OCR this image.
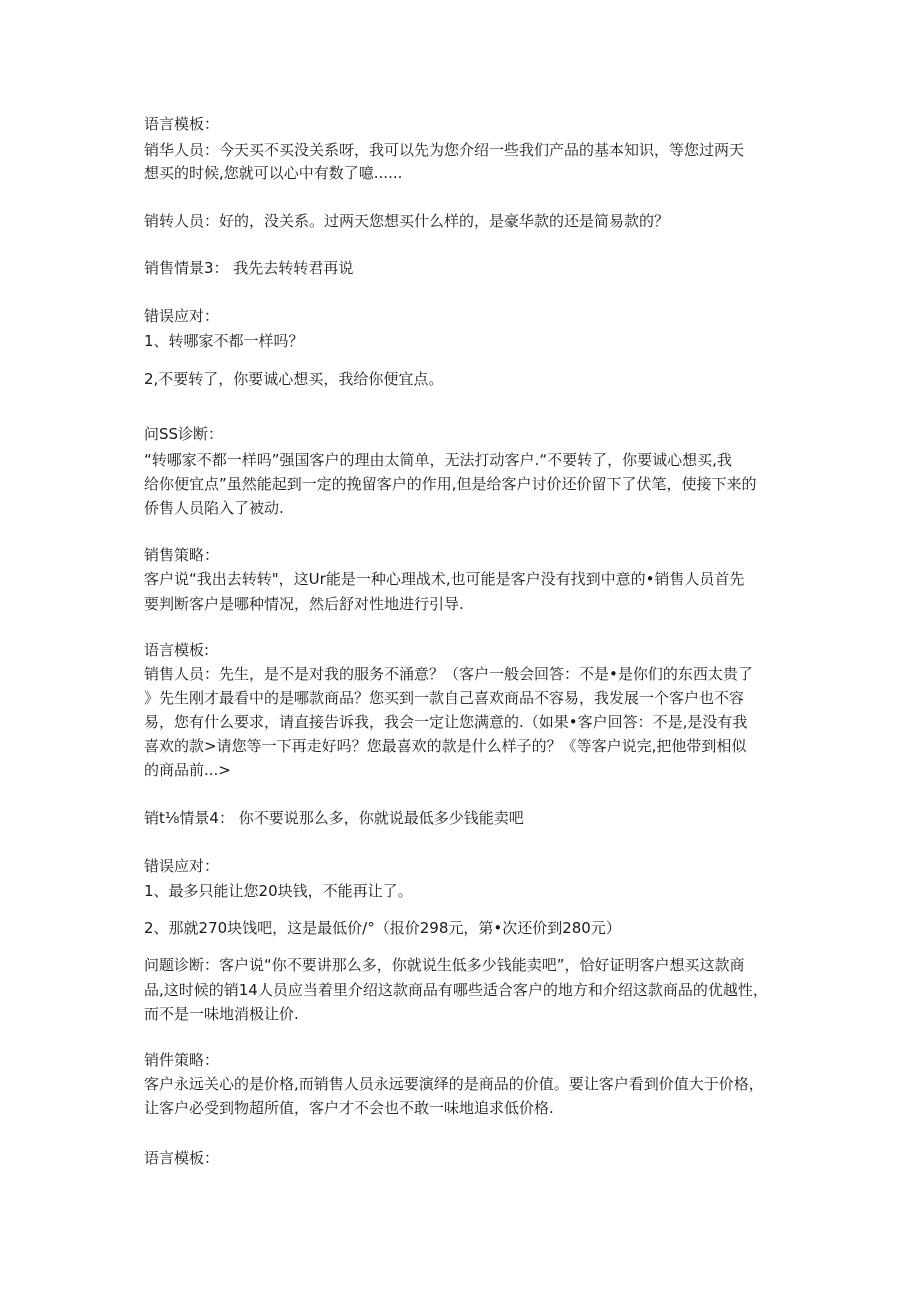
语言模板：
销华人员：今天买不买没关系呀，我可以先为您介绍一些我们产品的基本知识，等您过两天
想买的时候,您就可以心中有数了噫......
销转人员：好的，没关系。过两天您想买什么样的，是豪华款的还是简易款的？
销售情景3： 我先去转转君再说
错误应对：
1、转哪家不都一样吗？
2,不要转了，你要诚心想买，我给你便宜点。
问SS诊断：
“转哪家不都一样吗”强国客户的理由太简单，无法打动客户.“不要转了，你要诚心想买,我
给你便宜点”虽然能起到一定的挽留客户的作用,但是给客户讨价还价留下了伏笔，使接下来的
侨售人员陷入了被动.
销售策略：
客户说“我出去转转"，这Ur能是一种心理战术,也可能是客户没有找到中意的•销售人员首先
要判断客户是哪种情况，然后舒对性地进行引导.
语言模板:
销售人员：先生，是不是对我的服务不涌意？（客户一般会回答：不是•是你们的东西太贵了
》先生刚才最看中的是哪款商品？您买到一款自己喜欢商品不容易，我发展一个客户也不容
易，您有什么要求，请直接告诉我，我会一定让您满意的.（如果•客户回答：不是,是没有我
喜欢的款>请您等一下再走好吗？您最喜欢的款是什么样子的？《等客户说完,把他带到相似
的商品前...>
销t⅛情景4： 你不要说那么多，你就说最低多少钱能卖吧
错误应对：
1、最多只能让您20块钱，不能再让了。
2、那就270块饯吧，这是最低价/°（报价298元，第•次还价到280元）
问题诊断：客户说“你不要讲那么多，你就说生低多少钱能卖吧”，恰好证明客户想买这款商
品,这时候的销14人员应当着里介绍这款商品有哪些适合客户的地方和介绍这款商品的优越性，
而不是一味地消极让价.
销件策略：
客户永远关心的是价格,而销售人员永远要演绎的是商品的价值。要让客户看到价值大于价格，
让客户必受到物超所值，客户才不会也不敢一味地追求低价格.
语言模板：
